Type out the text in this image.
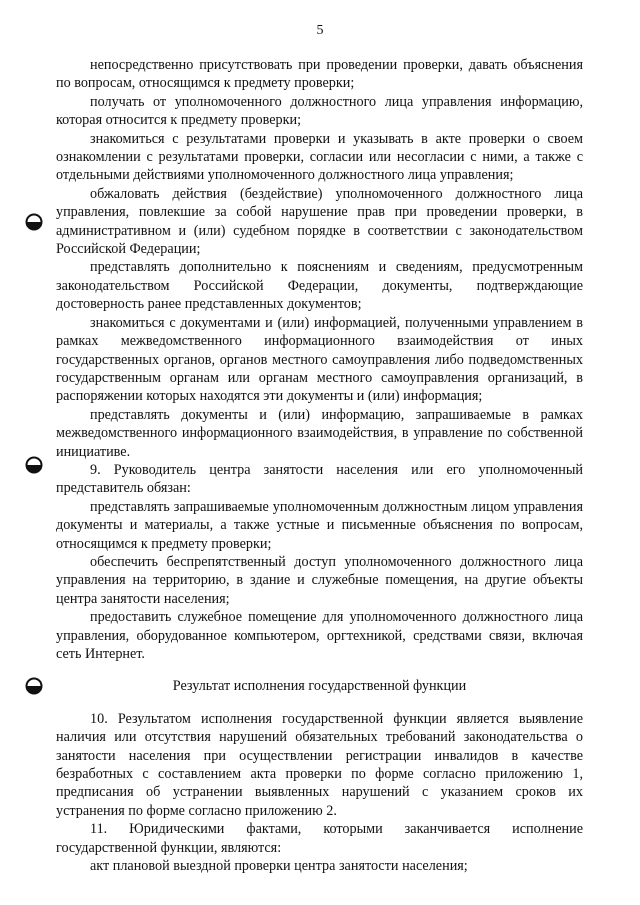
5

непосредственно присутствовать при проведении проверки, давать объяснения по вопросам, относящимся к предмету проверки;

получать от уполномоченного должностного лица управления информацию, которая относится к предмету проверки;

знакомиться с результатами проверки и указывать в акте проверки о своем ознакомлении с результатами проверки, согласии или несогласии с ними, а также с отдельными действиями уполномоченного должностного лица управления;

обжаловать действия (бездействие) уполномоченного должностного лица управления, повлекшие за собой нарушение прав при проведении проверки, в административном и (или) судебном порядке в соответствии с законодательством Российской Федерации;

представлять дополнительно к пояснениям и сведениям, предусмотренным законодательством Российской Федерации, документы, подтверждающие достоверность ранее представленных документов;

знакомиться с документами и (или) информацией, полученными управлением в рамках межведомственного информационного взаимодействия от иных государственных органов, органов местного самоуправления либо подведомственных государственным органам или органам местного самоуправления организаций, в распоряжении которых находятся эти документы и (или) информация;

представлять документы и (или) информацию, запрашиваемые в рамках межведомственного информационного взаимодействия, в управление по собственной инициативе.

9. Руководитель центра занятости населения или его уполномоченный представитель обязан:

представлять запрашиваемые уполномоченным должностным лицом управления документы и материалы, а также устные и письменные объяснения по вопросам, относящимся к предмету проверки;

обеспечить беспрепятственный доступ уполномоченного должностного лица управления на территорию, в здание и служебные помещения, на другие объекты центра занятости населения;

предоставить служебное помещение для уполномоченного должностного лица управления, оборудованное компьютером, оргтехникой, средствами связи, включая сеть Интернет.

Результат исполнения государственной функции

10. Результатом исполнения государственной функции является выявление наличия или отсутствия нарушений обязательных требований законодательства о занятости населения при осуществлении регистрации инвалидов в качестве безработных с составлением акта проверки по форме согласно приложению 1, предписания об устранении выявленных нарушений с указанием сроков их устранения по форме согласно приложению 2.

11. Юридическими фактами, которыми заканчивается исполнение государственной функции, являются:

акт плановой выездной проверки центра занятости населения;
